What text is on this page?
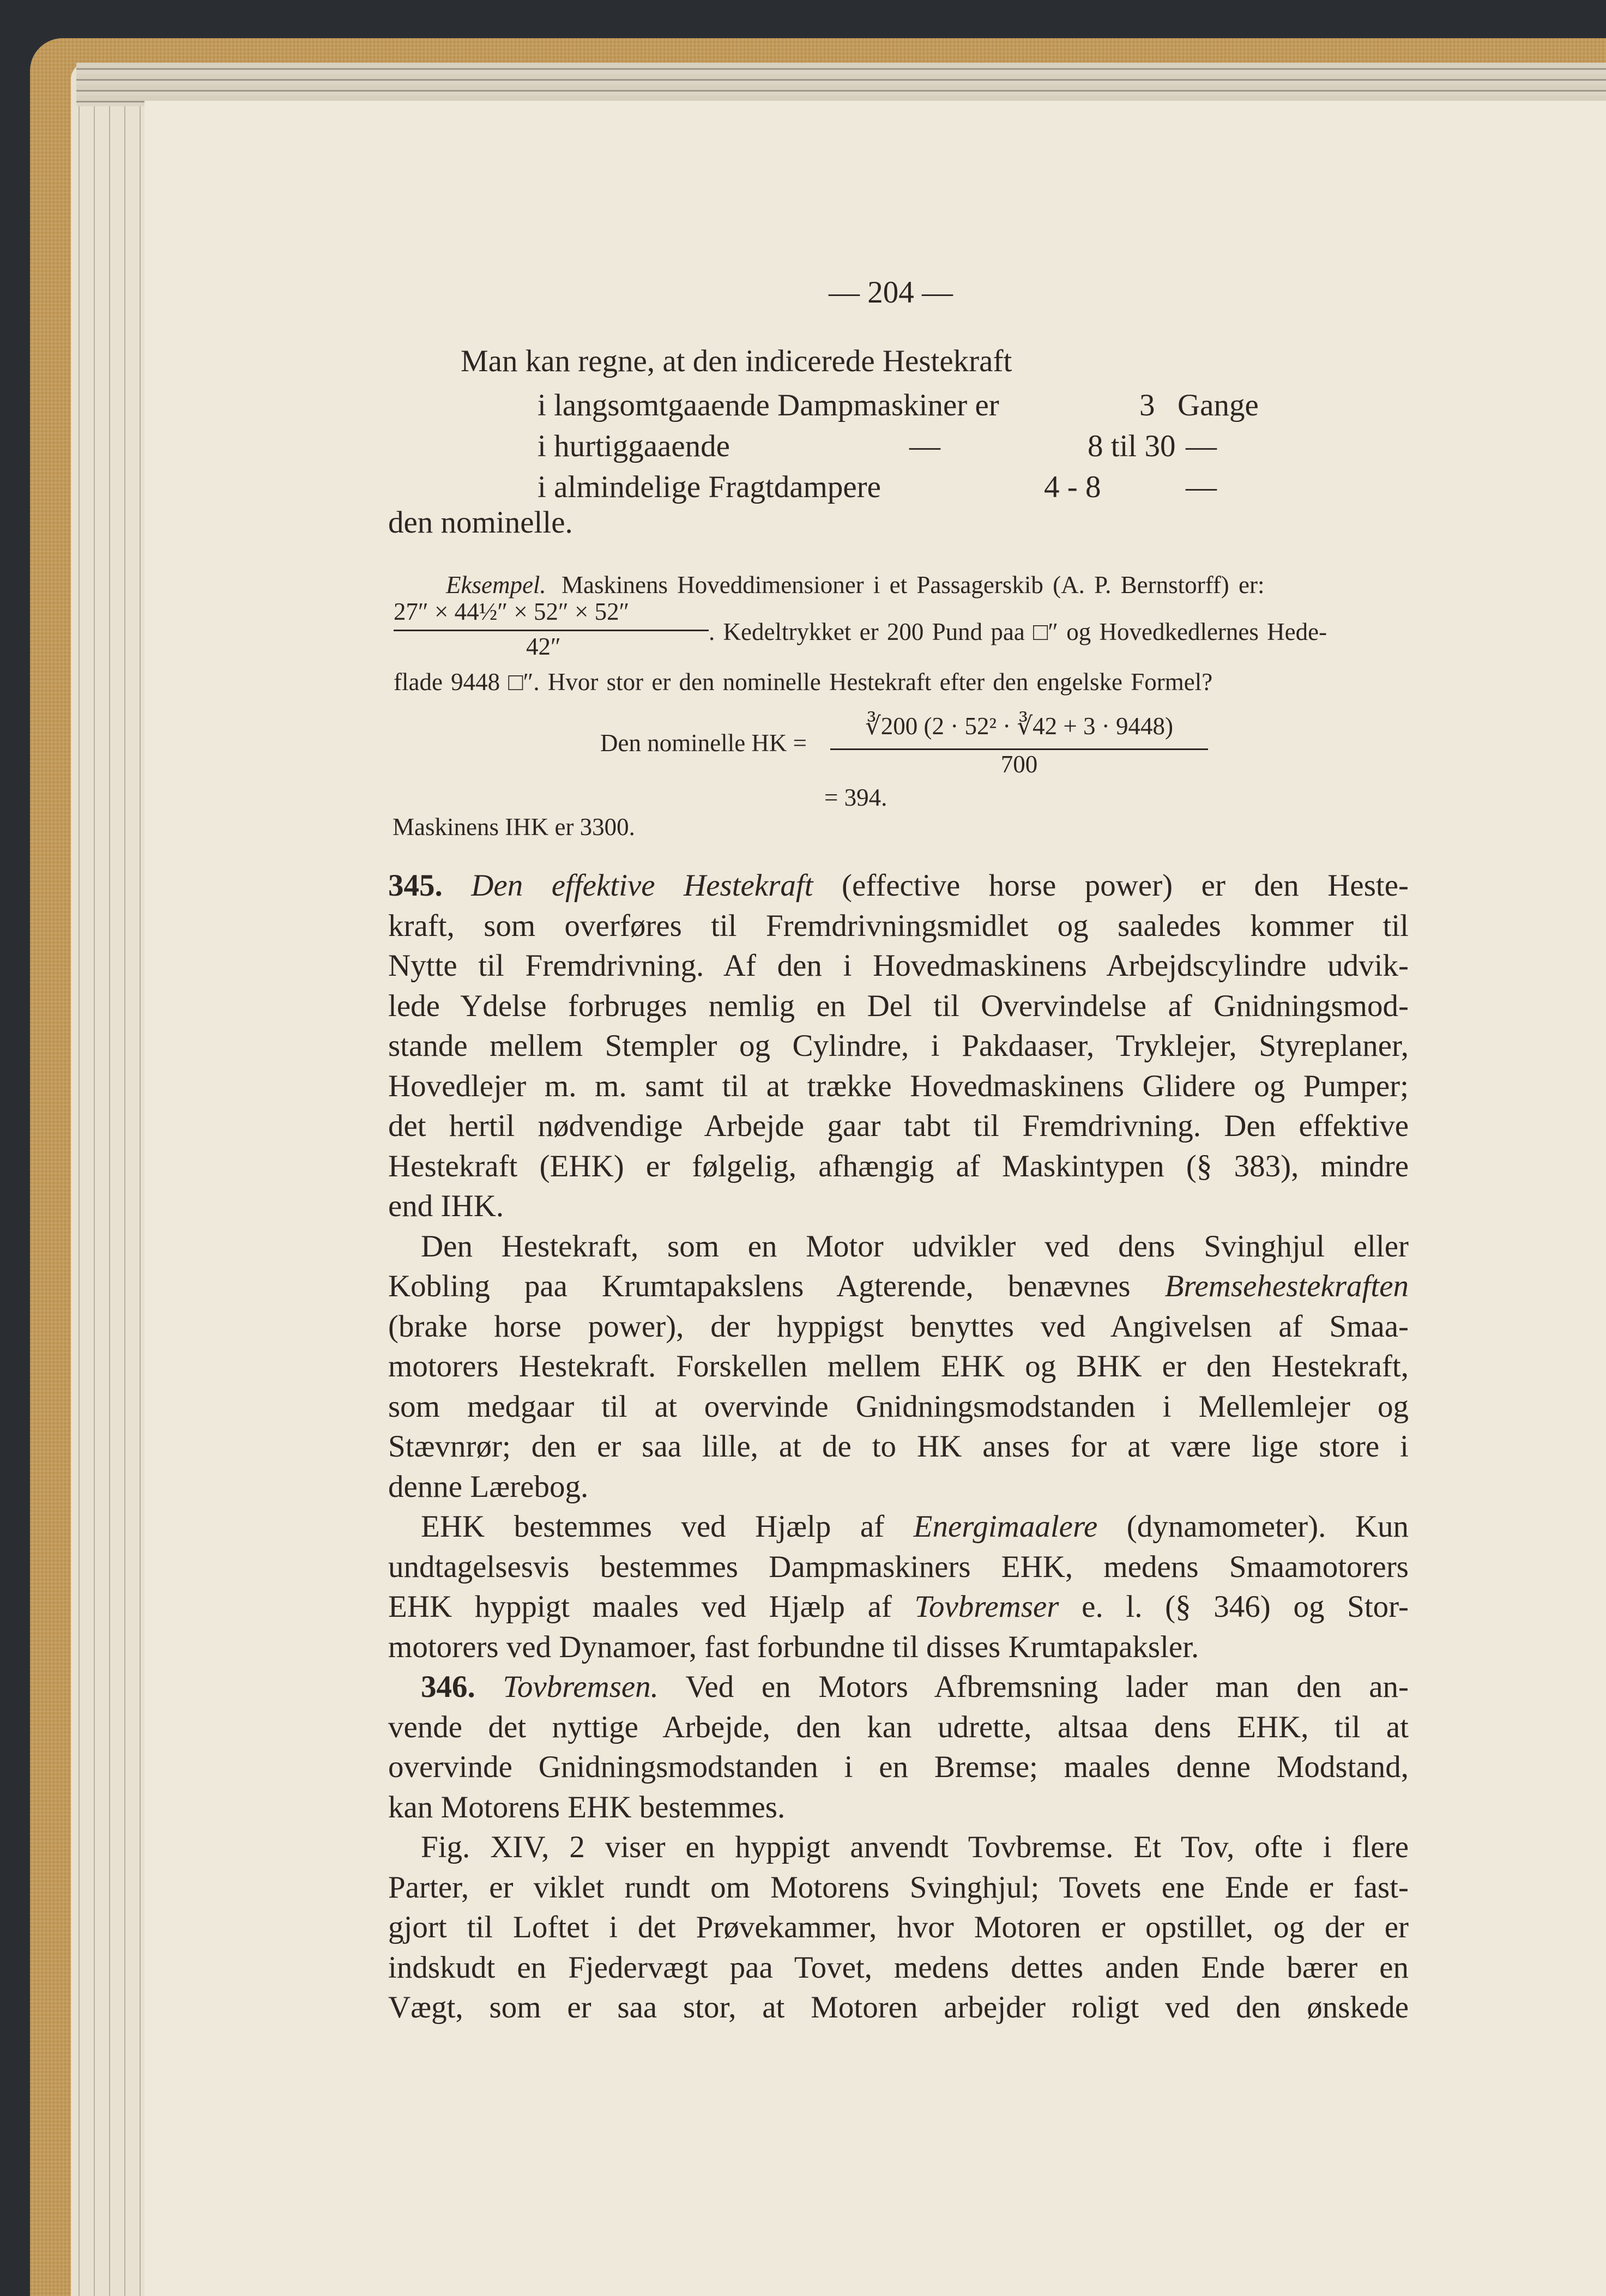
— 204 —
Man kan regne, at den indicerede Hestekraft
i langsomtgaaende Dampmaskiner er	3 Gange
i hurtiggaaende	—	8 til 30 —
i almindelige Fragtdampere	4 - 8	—
den nominelle.
Eksempel. Maskinens Hoveddimensioner i et Passagerskib (A. P. Bernstorff) er:
27″ × 44½″ × 52″ × 52″
42″
. Kedeltrykket er 200 Pund paa □″ og Hovedkedlernes Hede-
flade 9448 □″. Hvor stor er den nominelle Hestekraft efter den engelske Formel?
Den nominelle HK =
∛200 (2 · 52² · ∛42 + 3 · 9448)
700
= 394.
Maskinens IHK er 3300.
345. Den effektive Hestekraft (effective horse power) er den Heste-
kraft, som overføres til Fremdrivningsmidlet og saaledes kommer til
Nytte til Fremdrivning. Af den i Hovedmaskinens Arbejdscylindre udvik-
lede Ydelse forbruges nemlig en Del til Overvindelse af Gnidningsmod-
stande mellem Stempler og Cylindre, i Pakdaaser, Tryklejer, Styreplaner,
Hovedlejer m. m. samt til at trække Hovedmaskinens Glidere og Pumper;
det hertil nødvendige Arbejde gaar tabt til Fremdrivning. Den effektive
Hestekraft (EHK) er følgelig, afhængig af Maskintypen (§ 383), mindre
end IHK.
Den Hestekraft, som en Motor udvikler ved dens Svinghjul eller
Kobling paa Krumtapakslens Agterende, benævnes Bremsehestekraften
(brake horse power), der hyppigst benyttes ved Angivelsen af Smaa-
motorers Hestekraft. Forskellen mellem EHK og BHK er den Hestekraft,
som medgaar til at overvinde Gnidningsmodstanden i Mellemlejer og
Stævnrør; den er saa lille, at de to HK anses for at være lige store i
denne Lærebog.
EHK bestemmes ved Hjælp af Energimaalere (dynamometer). Kun
undtagelsesvis bestemmes Dampmaskiners EHK, medens Smaamotorers
EHK hyppigt maales ved Hjælp af Tovbremser e. l. (§ 346) og Stor-
motorers ved Dynamoer, fast forbundne til disses Krumtapaksler.
346. Tovbremsen. Ved en Motors Afbremsning lader man den an-
vende det nyttige Arbejde, den kan udrette, altsaa dens EHK, til at
overvinde Gnidningsmodstanden i en Bremse; maales denne Modstand,
kan Motorens EHK bestemmes.
Fig. XIV, 2 viser en hyppigt anvendt Tovbremse. Et Tov, ofte i flere
Parter, er viklet rundt om Motorens Svinghjul; Tovets ene Ende er fast-
gjort til Loftet i det Prøvekammer, hvor Motoren er opstillet, og der er
indskudt en Fjedervægt paa Tovet, medens dettes anden Ende bærer en
Vægt, som er saa stor, at Motoren arbejder roligt ved den ønskede
